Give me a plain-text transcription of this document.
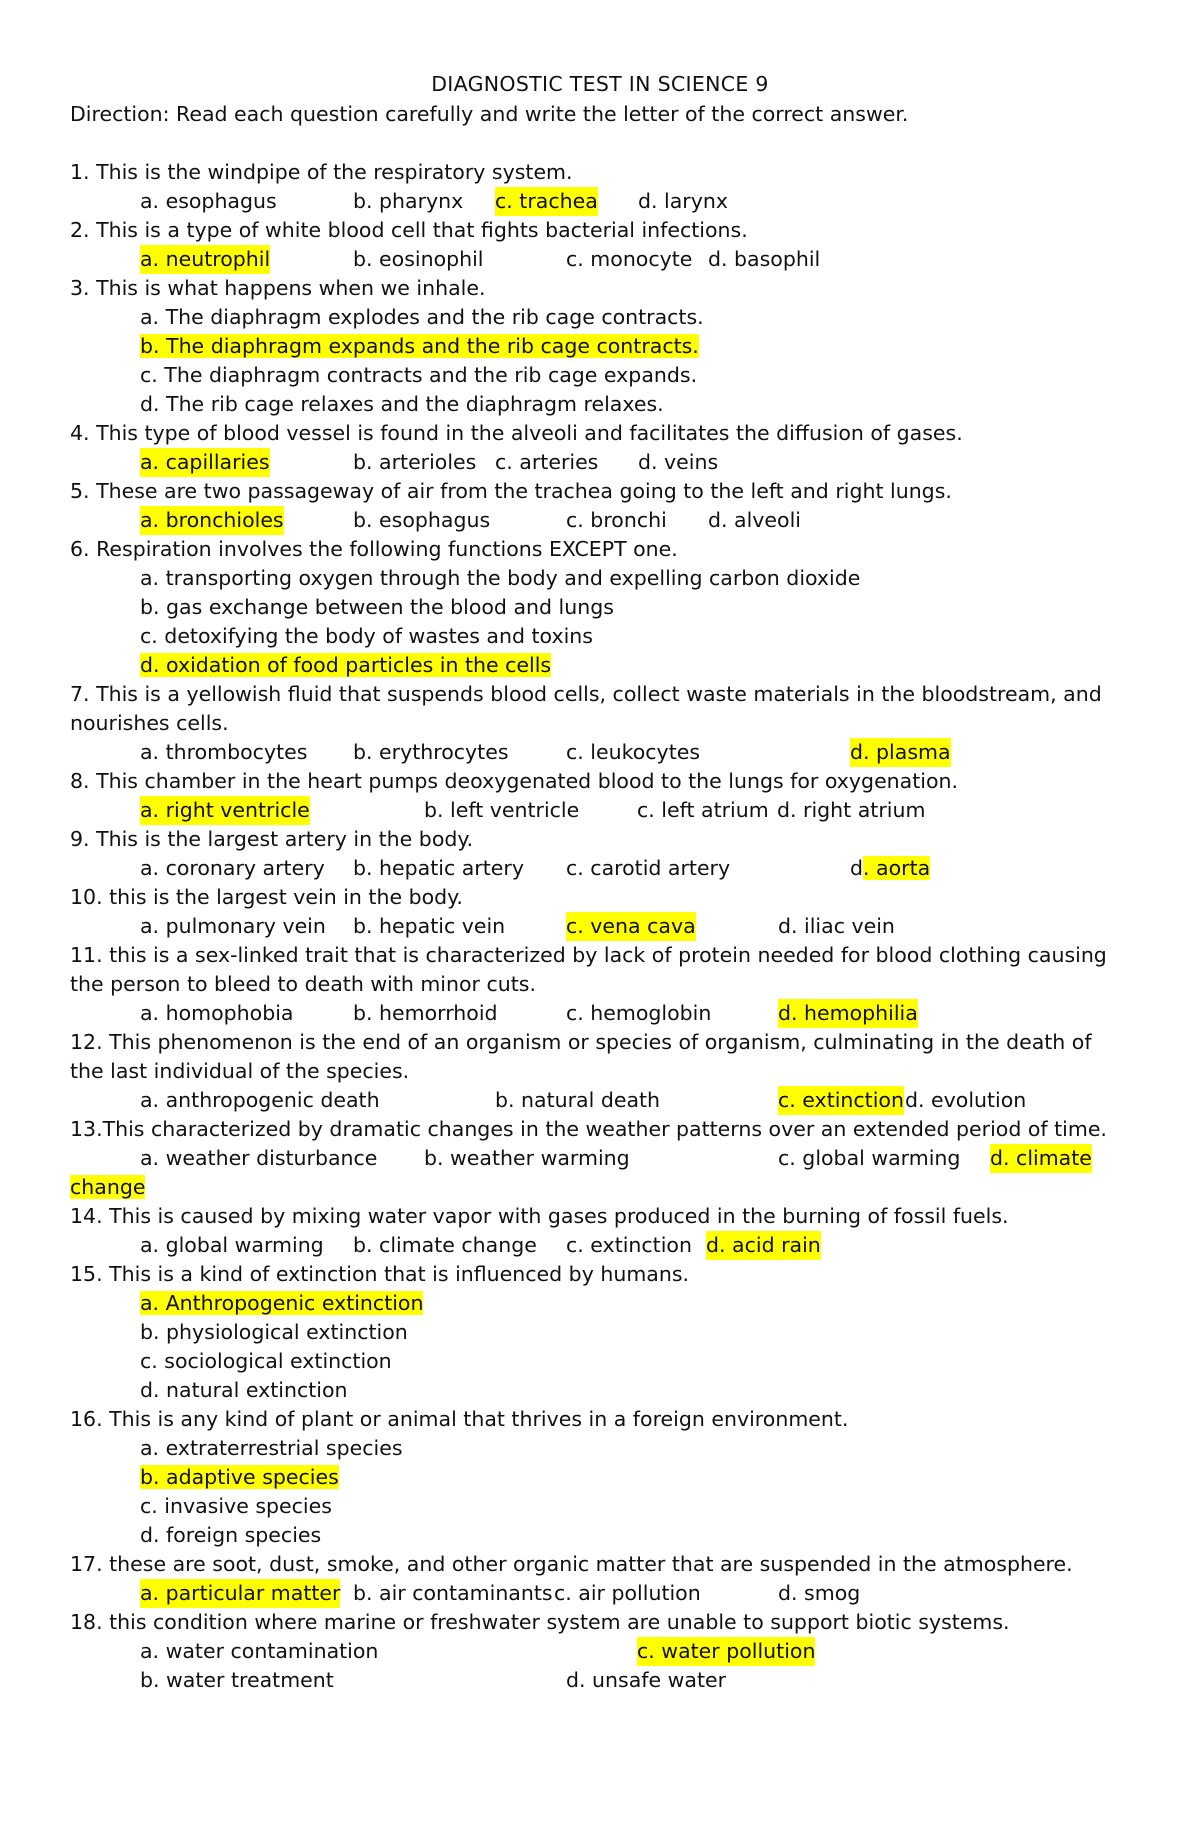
DIAGNOSTIC TEST IN SCIENCE 9
Direction: Read each question carefully and write the letter of the correct answer.
1. This is the windpipe of the respiratory system.
a. esophagus	b. pharynx c. trachea d. larynx
2. This is a type of white blood cell that fights bacterial infections.
a. neutrophil	b. eosinophil	c. monocyte d. basophil
3. This is what happens when we inhale.
a. The diaphragm explodes and the rib cage contracts.
b. The diaphragm expands and the rib cage contracts.
c. The diaphragm contracts and the rib cage expands.
d. The rib cage relaxes and the diaphragm relaxes.
4. This type of blood vessel is found in the alveoli and facilitates the diffusion of gases.
a. capillaries	b. arterioles c. arteries d. veins
5. These are two passageway of air from the trachea going to the left and right lungs.
a. bronchioles	b. esophagus	c. bronchi d. alveoli
6. Respiration involves the following functions EXCEPT one.
a. transporting oxygen through the body and expelling carbon dioxide
b. gas exchange between the blood and lungs
c. detoxifying the body of wastes and toxins
d. oxidation of food particles in the cells
7. This is a yellowish fluid that suspends blood cells, collect waste materials in the bloodstream, and nourishes cells.
a. thrombocytes b. erythrocytes	c. leukocytes	d. plasma
8. This chamber in the heart pumps deoxygenated blood to the lungs for oxygenation.
a. right ventricle	b. left ventricle	c. left atrium d. right atrium
9. This is the largest artery in the body.
a. coronary artery b. hepatic artery c. carotid artery	d. aorta
10. this is the largest vein in the body.
a. pulmonary vein b. hepatic vein	c. vena cava	d. iliac vein
11. this is a sex-linked trait that is characterized by lack of protein needed for blood clothing causing the person to bleed to death with minor cuts.
a. homophobia	b. hemorrhoid	c. hemoglobin	d. hemophilia
12. This phenomenon is the end of an organism or species of organism, culminating in the death of the last individual of the species.
a. anthropogenic death	b. natural death	c. extinction d. evolution
13.This characterized by dramatic changes in the weather patterns over an extended period of time.
a. weather disturbance b. weather warming	c. global warming d. climate
change
14. This is caused by mixing water vapor with gases produced in the burning of fossil fuels.
a. global warming b. climate change c. extinction d. acid rain
15. This is a kind of extinction that is influenced by humans.
a. Anthropogenic extinction
b. physiological extinction
c. sociological extinction
d. natural extinction
16. This is any kind of plant or animal that thrives in a foreign environment.
a. extraterrestrial species
b. adaptive species
c. invasive species
d. foreign species
17. these are soot, dust, smoke, and other organic matter that are suspended in the atmosphere.
a. particular matter b. air contaminants c. air pollution	d. smog
18. this condition where marine or freshwater system are unable to support biotic systems.
a. water contamination	c. water pollution
b. water treatment	d. unsafe water
